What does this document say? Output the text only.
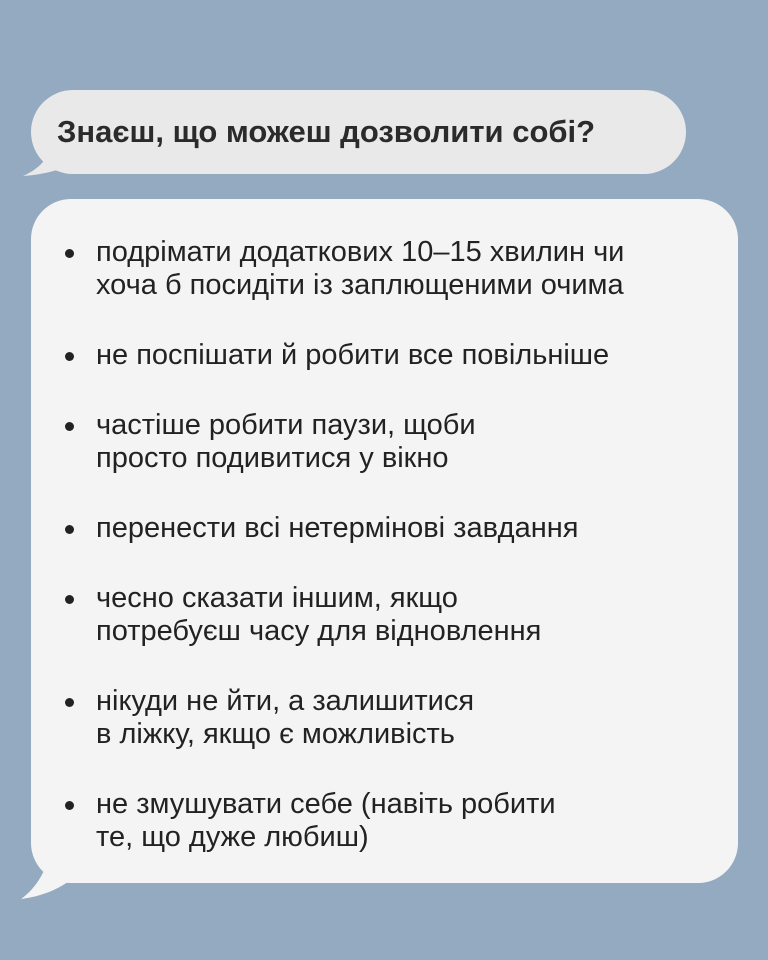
Знаєш, що можеш дозволити собі?
подрімати додаткових 10–15 хвилин чи
хоча б посидіти із заплющеними очима
не поспішати й робити все повільніше
частіше робити паузи, щоби
просто подивитися у вікно
перенести всі нетермінові завдання
чесно сказати іншим, якщо
потребуєш часу для відновлення
нікуди не йти, а залишитися
в ліжку, якщо є можливість
не змушувати себе (навіть робити
те, що дуже любиш)
